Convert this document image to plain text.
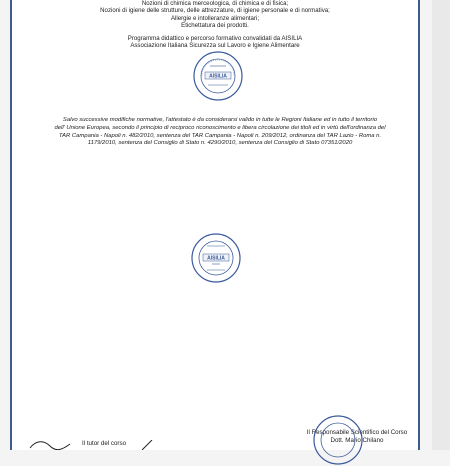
Nozioni di chimica merceologica, di chimica e di fisica;
Nozioni di igiene delle strutture, delle attrezzature, di igiene personale e di normativa;
Allergie e intolleranze alimentari;
Etichettatura dei prodotti.
Programma didattico e percorso formativo convalidati da AISILIA
Associazione Italiana Sicurezza sul Lavoro e Igiene Alimentare
AISILIA
Salvo successive modifiche normative, l'attestato è da considerarsi valido in tutte le Regioni Italiane ed in tutto il territorio
dell' Unione Europea, secondo il principio di reciproco riconoscimento e libera circolazione dei titoli ed in virtù dell'ordinanza del
TAR Campania - Napoli n. 482/2010, sentenza del TAR Campania - Napoli n. 209/2012, ordinanza del TAR Lazio - Roma n.
1179/2010, sentenza del Consiglio di Stato n. 4290/2010, sentenza del Consiglio di Stato 07351/2020
AISILIA
Il tutor del corso
Il Responsabile Scientifico del Corso
Dott. Mario Chilano
